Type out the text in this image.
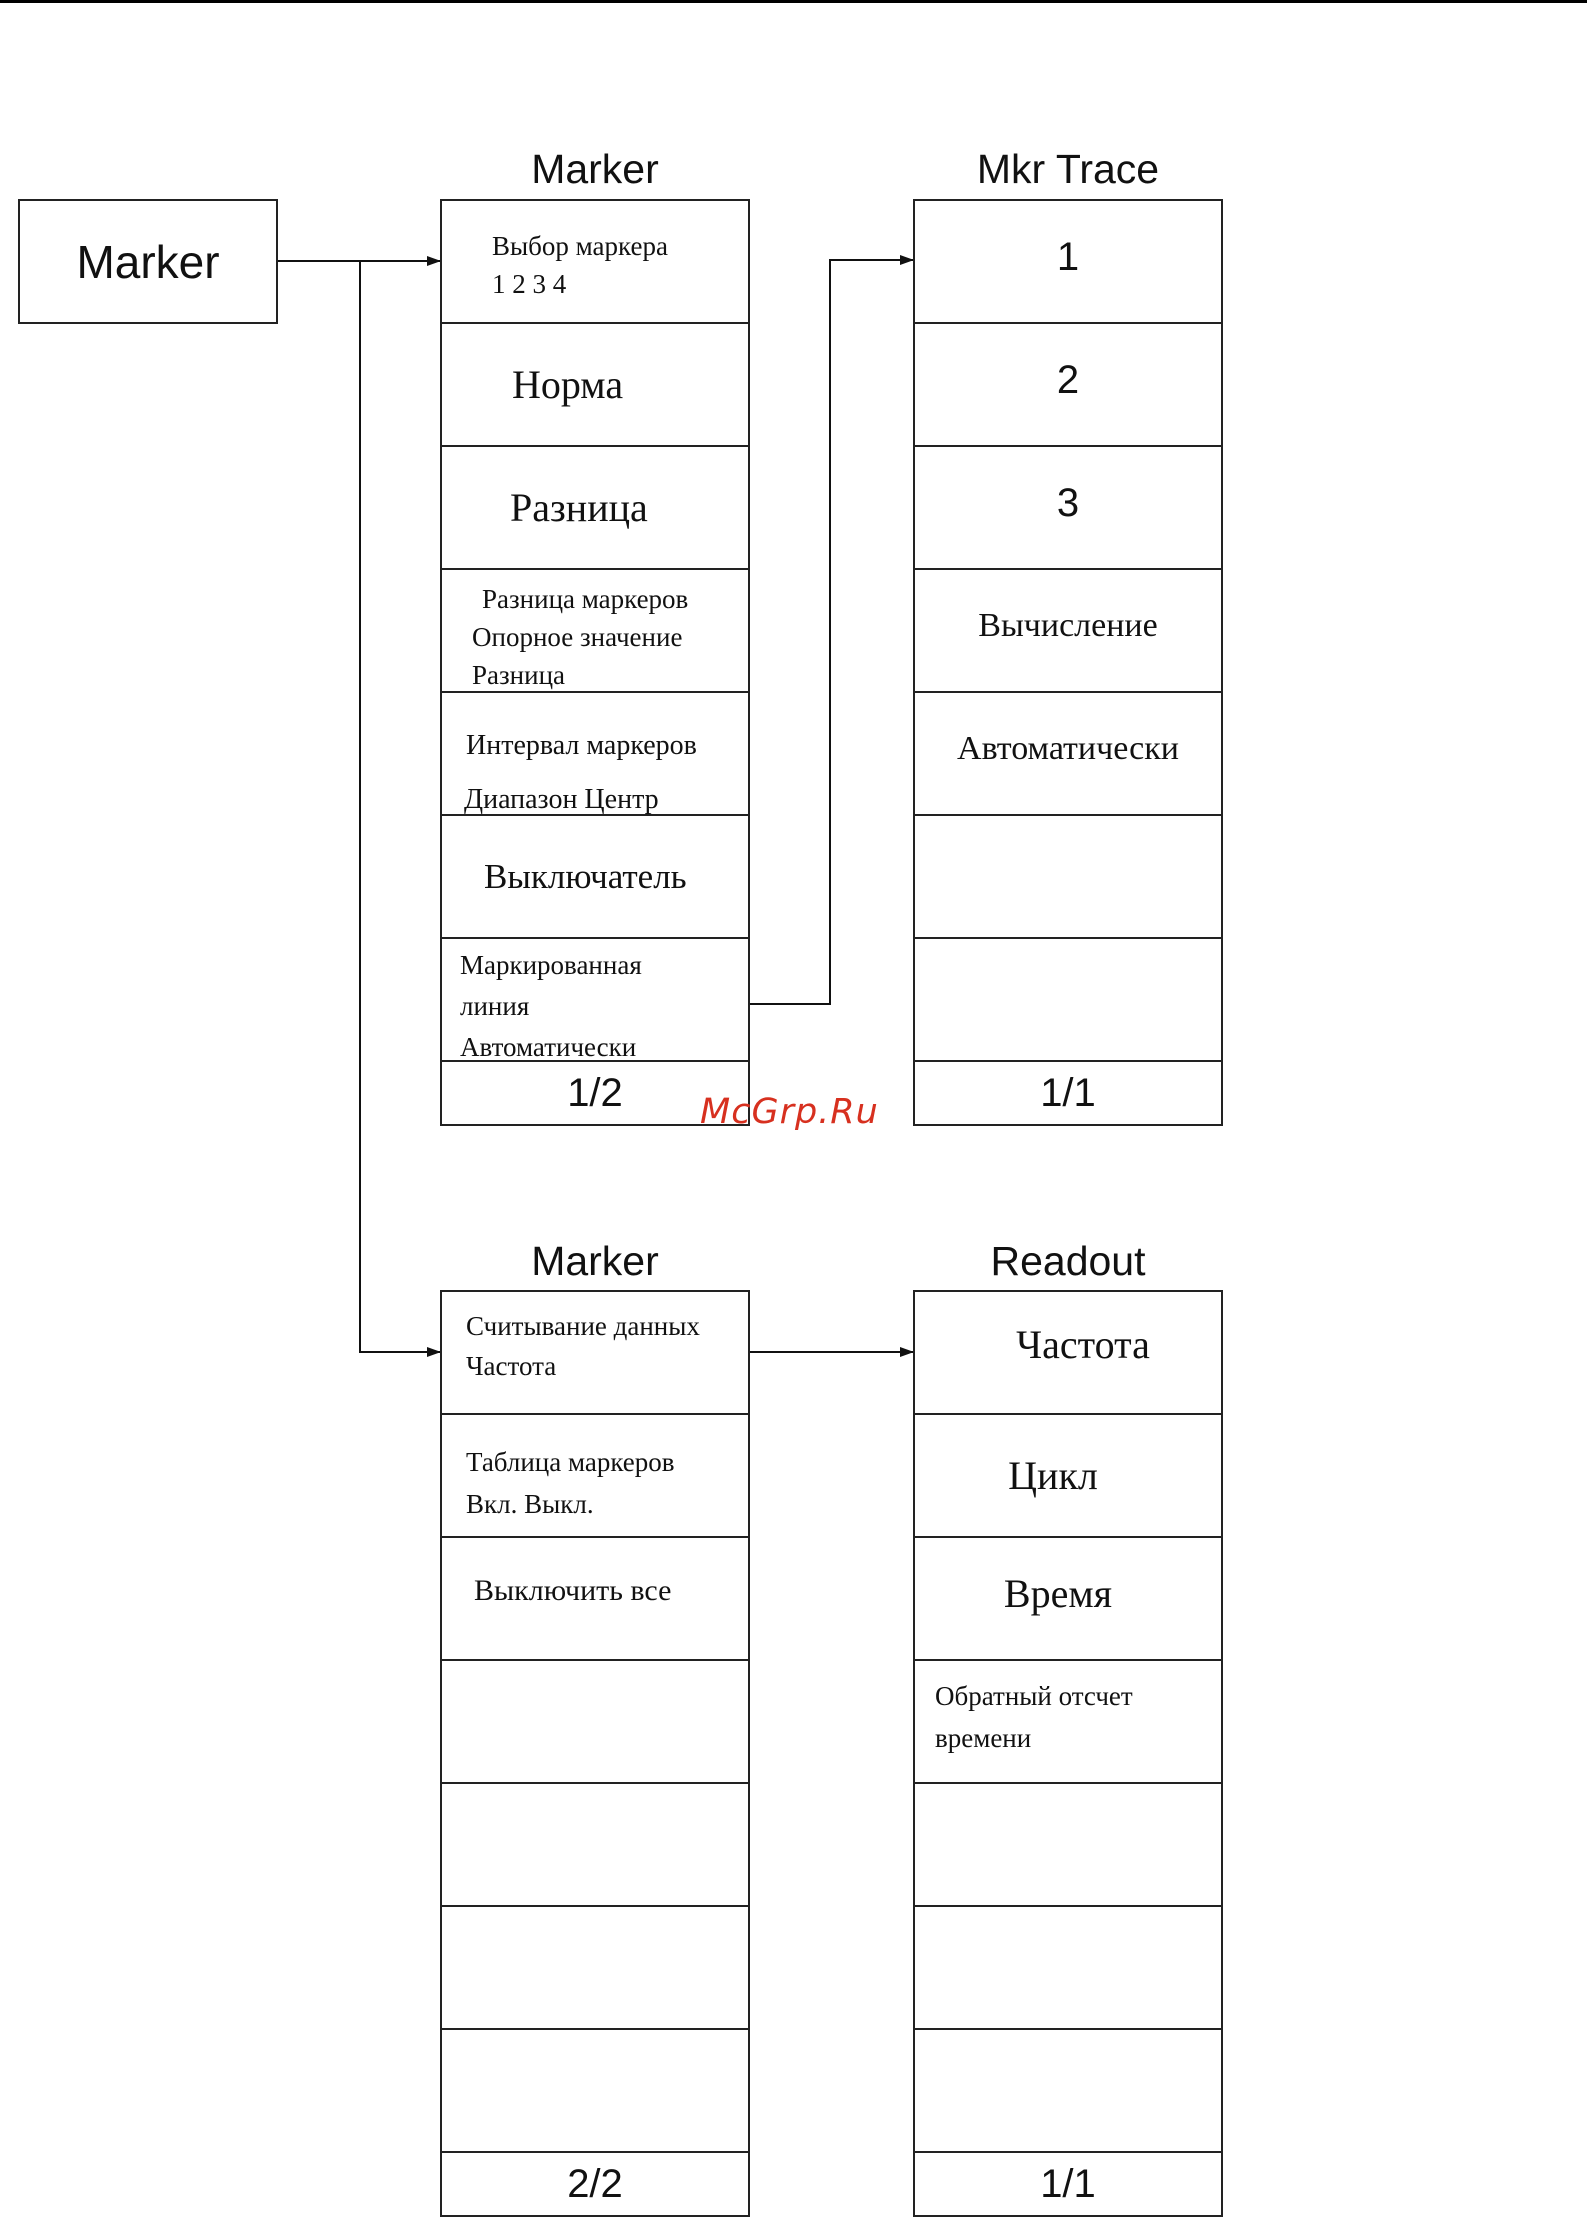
Marker
Marker
Выбор маркера
1 2 3 4
Норма
Разница
Разница маркеров
Опорное значение
Разница
Интервал маркеров
Диапазон Центр
Выключатель
Маркированная
линия
Автоматически
1/2
Mkr Trace
1
2
3
Вычисление
Автоматически
1/1
Marker
Считывание данных
Частота
Таблица маркеров
Вкл. Выкл.
Выключить все
2/2
Readout
Частота
Цикл
Время
Обратный отсчет
времени
1/1
McGrp.Ru
